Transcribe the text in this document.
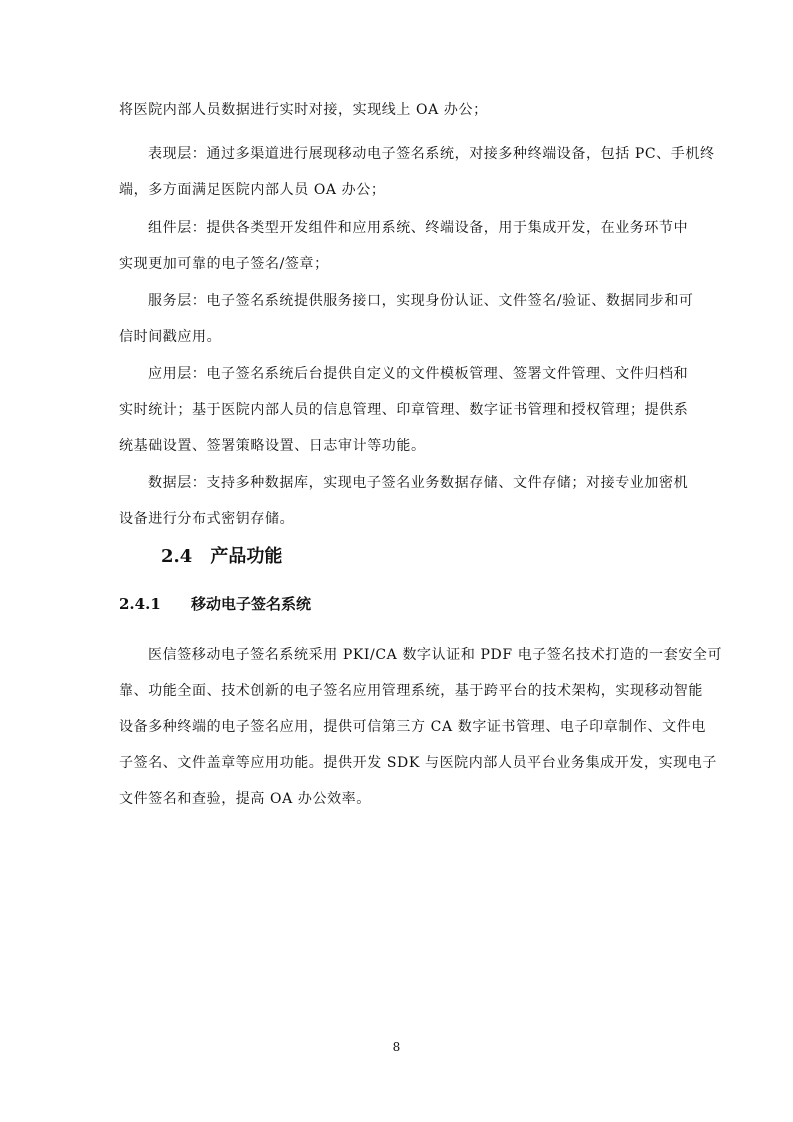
将医院内部人员数据进行实时对接，实现线上 OA 办公；
表现层：通过多渠道进行展现移动电子签名系统，对接多种终端设备，包括 PC、手机终
端，多方面满足医院内部人员 OA 办公；
组件层：提供各类型开发组件和应用系统、终端设备，用于集成开发，在业务环节中
实现更加可靠的电子签名/签章；
服务层：电子签名系统提供服务接口，实现身份认证、文件签名/验证、数据同步和可
信时间戳应用。
应用层：电子签名系统后台提供自定义的文件模板管理、签署文件管理、文件归档和
实时统计；基于医院内部人员的信息管理、印章管理、数字证书管理和授权管理；提供系
统基础设置、签署策略设置、日志审计等功能。
数据层：支持多种数据库，实现电子签名业务数据存储、文件存储；对接专业加密机
设备进行分布式密钥存储。
2.4 产品功能
2.4.1 移动电子签名系统
医信签移动电子签名系统采用 PKI/CA 数字认证和 PDF 电子签名技术打造的一套安全可
靠、功能全面、技术创新的电子签名应用管理系统，基于跨平台的技术架构，实现移动智能
设备多种终端的电子签名应用，提供可信第三方 CA 数字证书管理、电子印章制作、文件电
子签名、文件盖章等应用功能。提供开发 SDK 与医院内部人员平台业务集成开发，实现电子
文件签名和查验，提高 OA 办公效率。
8
